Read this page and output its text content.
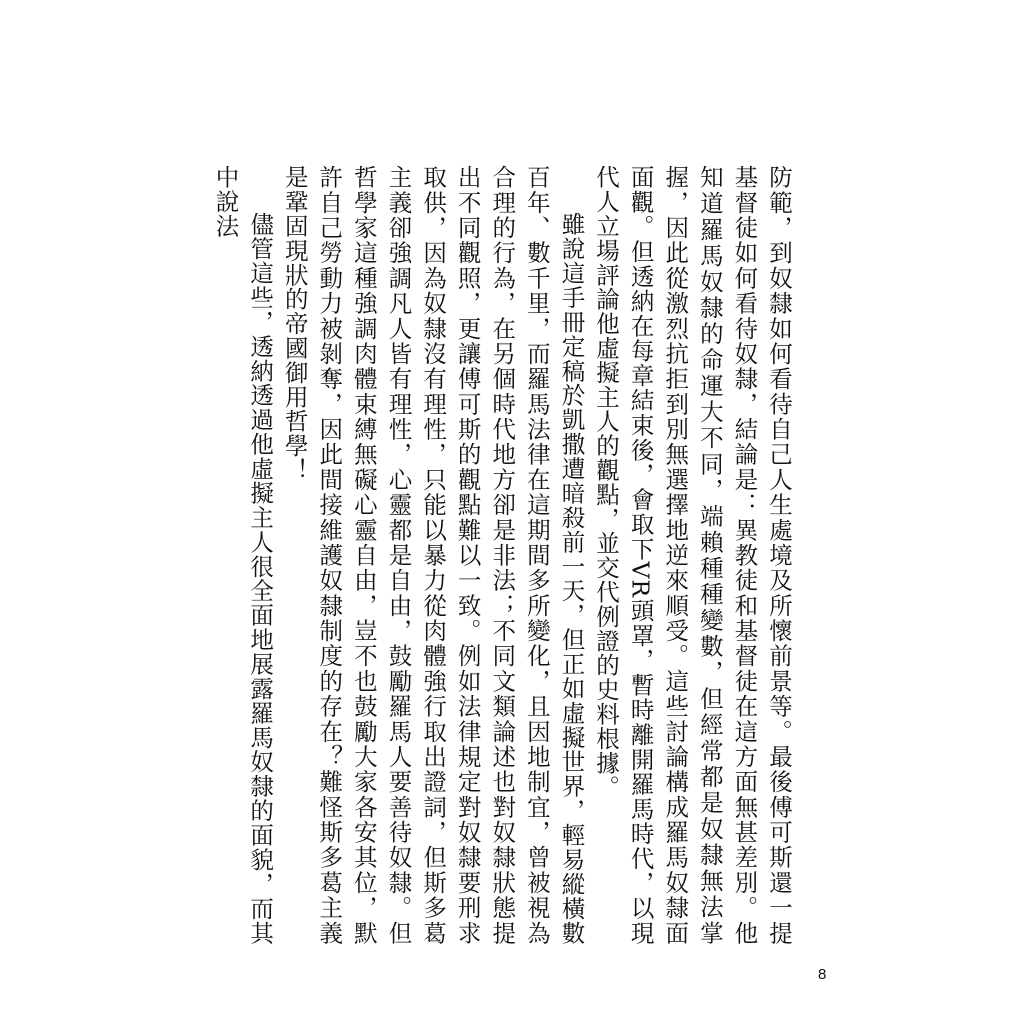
防範，到奴隸如何看待自己人生處境及所懷前景等。最後傅可斯還一提基督徒如何看待奴隸，結論是：異教徒和基督徒在這方面無甚差別。他知道羅馬奴隸的命運大不同，端賴種種變數，但經常都是奴隸無法掌握，因此從激烈抗拒到別無選擇地逆來順受。這些討論構成羅馬奴隸面面觀。但透納在每章結束後，會取下VR頭罩，暫時離開羅馬時代，以現代人立場評論他虛擬主人的觀點，並交代例證的史料根據。

雖說這手冊定稿於凱撒遭暗殺前一天，但正如虛擬世界，輕易縱橫數百年、數千里，而羅馬法律在這期間多所變化，且因地制宜，曾被視為合理的行為，在另個時代地方卻是非法；不同文類論述也對奴隸狀態提出不同觀照，更讓傅可斯的觀點難以一致。例如法律規定對奴隸要刑求取供，因為奴隸沒有理性，只能以暴力從肉體強行取出證詞，但斯多葛主義卻強調凡人皆有理性，心靈都是自由，鼓勵羅馬人要善待奴隸。但哲學家這種強調肉體束縛無礙心靈自由，豈不也鼓勵大家各安其位，默許自己勞動力被剝奪，因此間接維護奴隸制度的存在？難怪斯多葛主義是鞏固現狀的帝國御用哲學！

儘管這些，透納透過他虛擬主人很全面地展露羅馬奴隸的面貌，而其中說法

8
